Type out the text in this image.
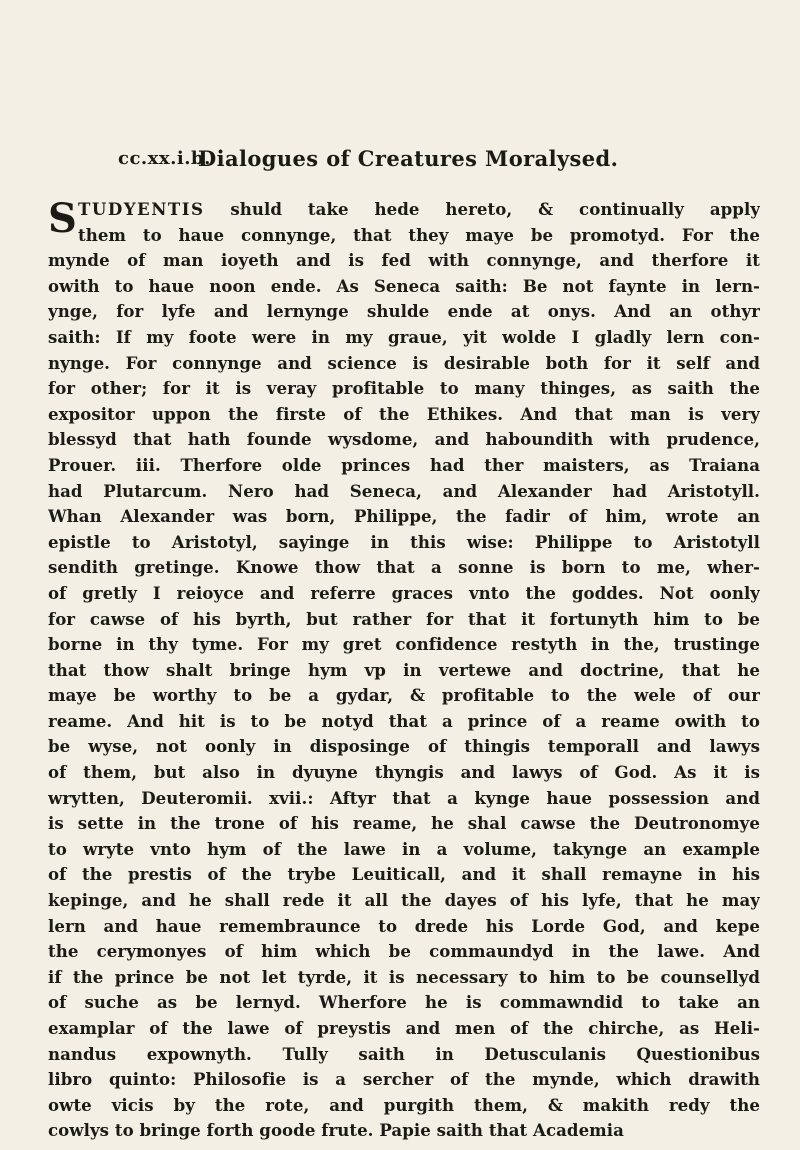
cc.xx.i.b.
Dialogues of Creatures Moralysed.
S TUDYENTIS shuld take hede hereto, & continually apply
them to haue connynge, that they maye be promotyd. For the
mynde of man ioyeth and is fed with connynge, and therfore it
owith to haue noon ende. As Seneca saith: Be not faynte in lern-
ynge, for lyfe and lernynge shulde ende at onys. And an othyr
saith: If my foote were in my graue, yit wolde I gladly lern con-
nynge. For connynge and science is desirable both for it self and
for other; for it is veray profitable to many thinges, as saith the
expositor uppon the firste of the Ethikes. And that man is very
blessyd that hath founde wysdome, and haboundith with prudence,
Prouer. iii. Therfore olde princes had ther maisters, as Traiana
had Plutarcum. Nero had Seneca, and Alexander had Aristotyll.
Whan Alexander was born, Philippe, the fadir of him, wrote an
epistle to Aristotyl, sayinge in this wise: Philippe to Aristotyll
sendith gretinge. Knowe thow that a sonne is born to me, wher-
of gretly I reioyce and referre graces vnto the goddes. Not oonly
for cawse of his byrth, but rather for that it fortunyth him to be
borne in thy tyme. For my gret confidence restyth in the, trustinge
that thow shalt bringe hym vp in vertewe and doctrine, that he
maye be worthy to be a gydar, & profitable to the wele of our
reame. And hit is to be notyd that a prince of a reame owith to
be wyse, not oonly in disposinge of thingis temporall and lawys
of them, but also in dyuyne thyngis and lawys of God. As it is
wrytten, Deuteromii. xvii.: Aftyr that a kynge haue possession and
is sette in the trone of his reame, he shal cawse the Deutronomye
to wryte vnto hym of the lawe in a volume, takynge an example
of the prestis of the trybe Leuiticall, and it shall remayne in his
kepinge, and he shall rede it all the dayes of his lyfe, that he may
lern and haue remembraunce to drede his Lorde God, and kepe
the cerymonyes of him which be commaundyd in the lawe. And
if the prince be not let tyrde, it is necessary to him to be counsellyd
of suche as be lernyd. Wherfore he is commawndid to take an
examplar of the lawe of preystis and men of the chirche, as Heli-
nandus expownyth. Tully saith in Detusculanis Questionibus
libro quinto: Philosofie is a sercher of the mynde, which drawith
owte vicis by the rote, and purgith them, & makith redy the
cowlys to bringe forth goode frute. Papie saith that Academia
